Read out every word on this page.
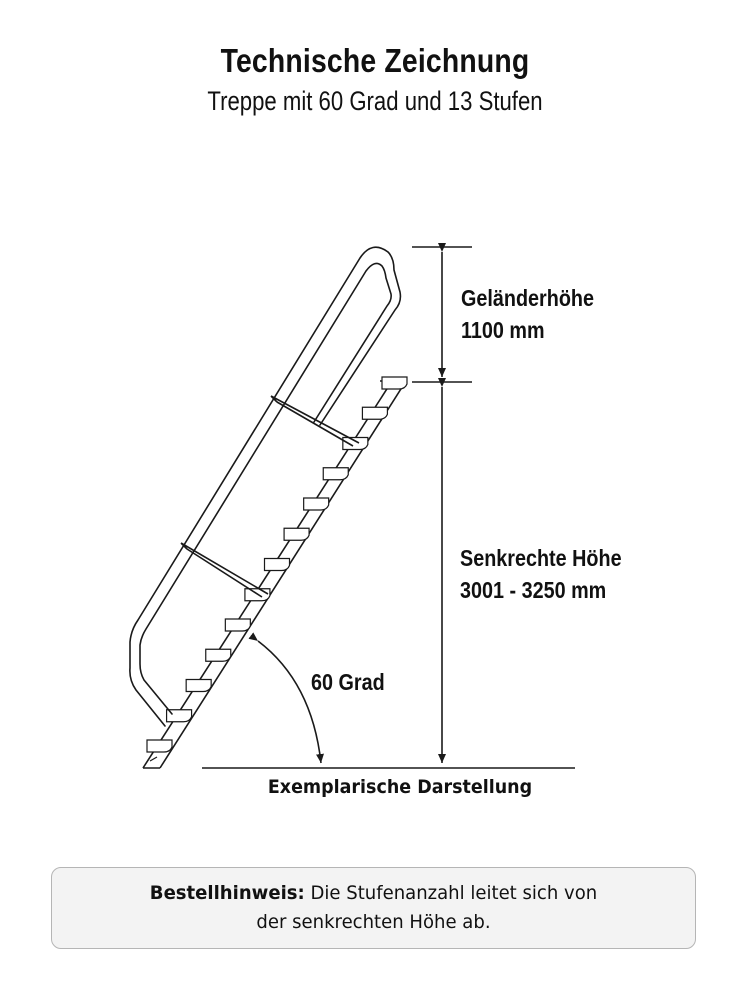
Technische Zeichnung
Treppe mit 60 Grad und 13 Stufen
Geländerhöhe
1100 mm
Senkrechte Höhe
3001 - 3250 mm
60 Grad
Exemplarische Darstellung
Bestellhinweis: Die Stufenanzahl leitet sich von
der senkrechten Höhe ab.
